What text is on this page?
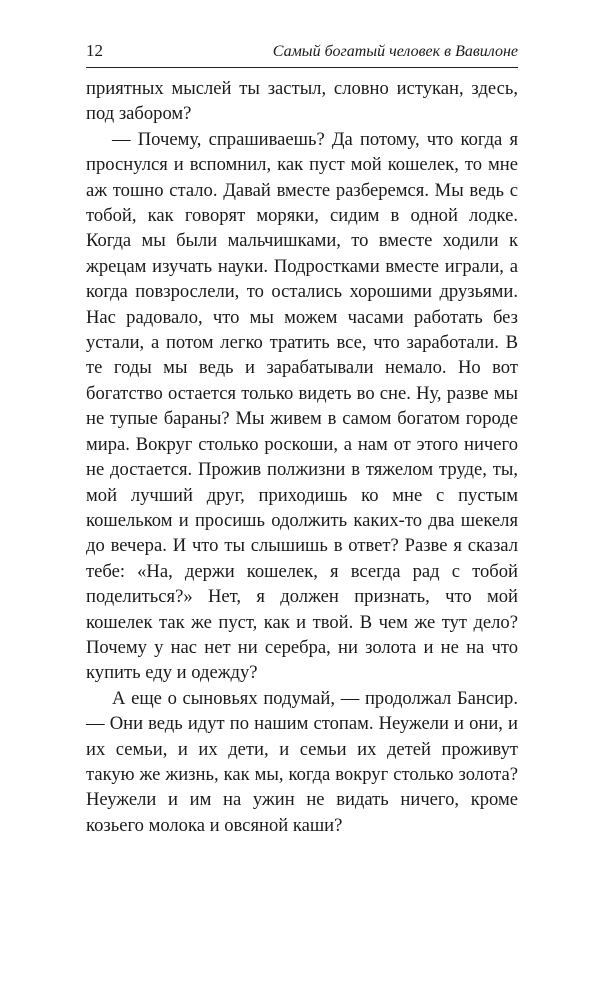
12	Самый богатый человек в Вавилоне

приятных мыслей ты застыл, словно истукан, здесь, под забором?

— Почему, спрашиваешь? Да потому, что когда я проснулся и вспомнил, как пуст мой кошелек, то мне аж тошно стало. Давай вместе разберемся. Мы ведь с тобой, как говорят моряки, сидим в одной лодке. Когда мы были мальчишками, то вместе ходили к жрецам изучать науки. Подростками вместе играли, а когда повзрослели, то остались хорошими друзьями. Нас радовало, что мы можем часами работать без устали, а потом легко тратить все, что заработали. В те годы мы ведь и зарабатывали немало. Но вот богатство остается только видеть во сне. Ну, разве мы не тупые бараны? Мы живем в самом богатом городе мира. Вокруг столько роскоши, а нам от этого ничего не достается. Прожив полжизни в тяжелом труде, ты, мой лучший друг, приходишь ко мне с пустым кошельком и просишь одолжить каких-то два шекеля до вечера. И что ты слышишь в ответ? Разве я сказал тебе: «На, держи кошелек, я всегда рад с тобой поделиться?» Нет, я должен признать, что мой кошелек так же пуст, как и твой. В чем же тут дело? Почему у нас нет ни серебра, ни золота и не на что купить еду и одежду?

А еще о сыновьях подумай, — продолжал Бансир. — Они ведь идут по нашим стопам. Неужели и они, и их семьи, и их дети, и семьи их детей проживут такую же жизнь, как мы, когда вокруг столько золота? Неужели и им на ужин не видать ничего, кроме козьего молока и овсяной каши?
